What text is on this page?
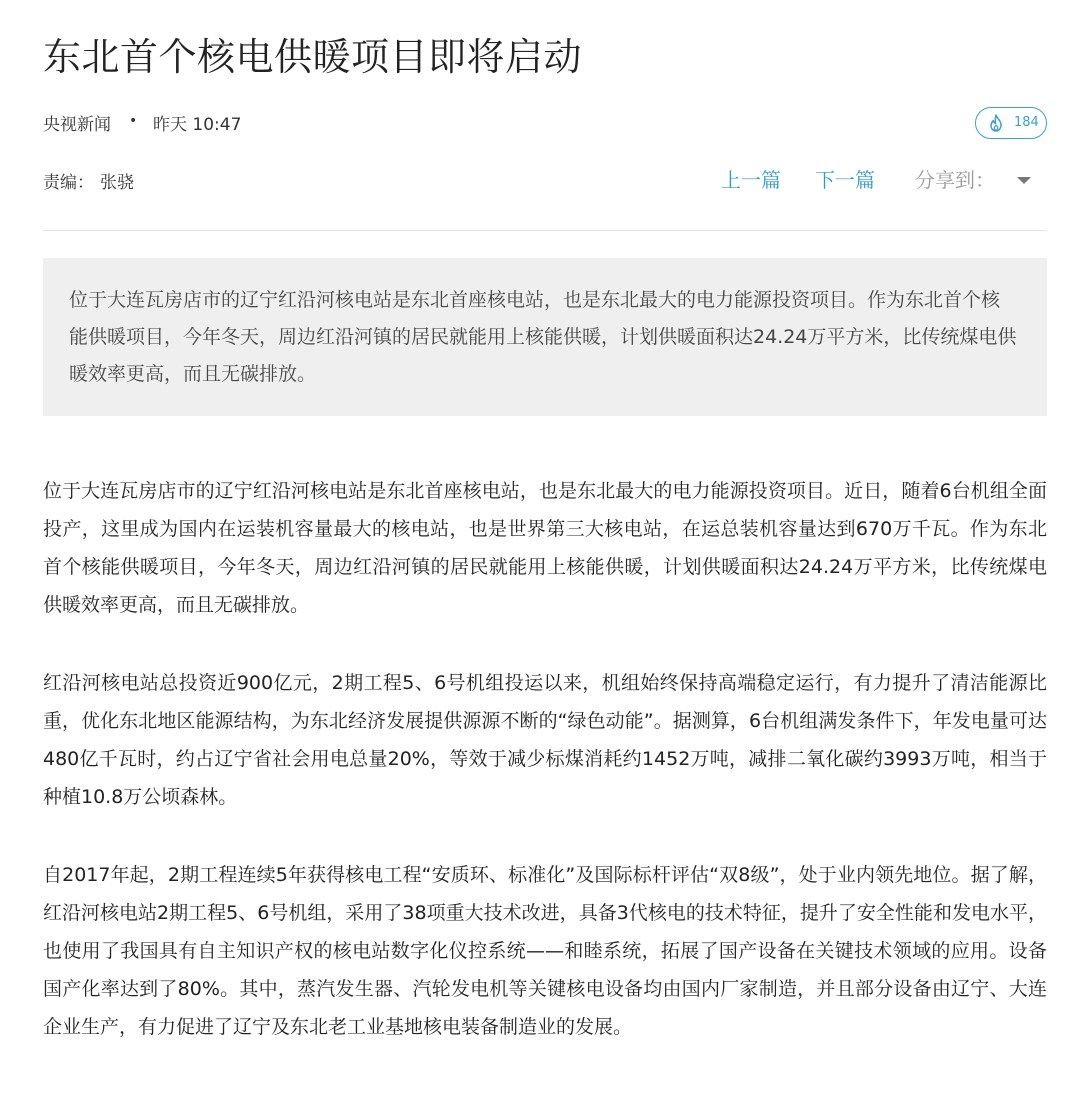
东北首个核电供暖项目即将启动
央视新闻 • 昨天 10:47	184
责编： 张骁	上一篇 下一篇 分享到：

位于大连瓦房店市的辽宁红沿河核电站是东北首座核电站，也是东北最大的电力能源投资项目。作为东北首个核能供暖项目，今年冬天，周边红沿河镇的居民就能用上核能供暖，计划供暖面积达24.24万平方米，比传统煤电供暖效率更高，而且无碳排放。

位于大连瓦房店市的辽宁红沿河核电站是东北首座核电站，也是东北最大的电力能源投资项目。近日，随着6台机组全面投产，这里成为国内在运装机容量最大的核电站，也是世界第三大核电站，在运总装机容量达到670万千瓦。作为东北首个核能供暖项目，今年冬天，周边红沿河镇的居民就能用上核能供暖，计划供暖面积达24.24万平方米，比传统煤电供暖效率更高，而且无碳排放。

红沿河核电站总投资近900亿元，2期工程5、6号机组投运以来，机组始终保持高端稳定运行，有力提升了清洁能源比重，优化东北地区能源结构，为东北经济发展提供源源不断的“绿色动能”。据测算，6台机组满发条件下，年发电量可达480亿千瓦时，约占辽宁省社会用电总量20%，等效于减少标煤消耗约1452万吨，减排二氧化碳约3993万吨，相当于种植10.8万公顷森林。

自2017年起，2期工程连续5年获得核电工程“安质环、标准化”及国际标杆评估“双8级”，处于业内领先地位。据了解，红沿河核电站2期工程5、6号机组，采用了38项重大技术改进，具备3代核电的技术特征，提升了安全性能和发电水平，也使用了我国具有自主知识产权的核电站数字化仪控系统——和睦系统，拓展了国产设备在关键技术领域的应用。设备国产化率达到了80%。其中，蒸汽发生器、汽轮发电机等关键核电设备均由国内厂家制造，并且部分设备由辽宁、大连企业生产，有力促进了辽宁及东北老工业基地核电装备制造业的发展。
